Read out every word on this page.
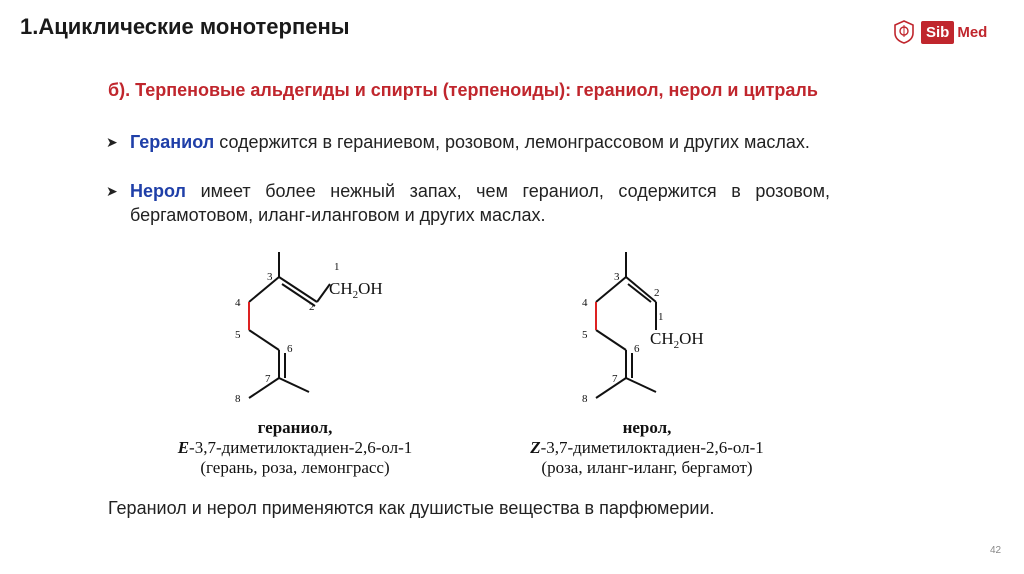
1.Ациклические монотерпены	Sib Med
б). Терпеновые альдегиды и спирты (терпеноиды): гераниол, нерол и цитраль
➤ Гераниол содержится в гераниевом, розовом, лемонграссовом и других маслах.
➤ Нерол имеет более нежный запах, чем гераниол, содержится в розовом, бергамотовом, иланг-иланговом и других маслах.
3
4
5
6
7
8
2
1
$CH_2OH$
3
2
4
1
5
6
7
8
$CH_2OH$
гераниол,
E-3,7-диметилоктадиен-2,6-ол-1
(герань, роза, лемонграсс)
нерол,
Z-3,7-диметилоктадиен-2,6-ол-1
(роза, иланг-иланг, бергамот)
Гераниол и нерол применяются как душистые вещества в парфюмерии.
42
